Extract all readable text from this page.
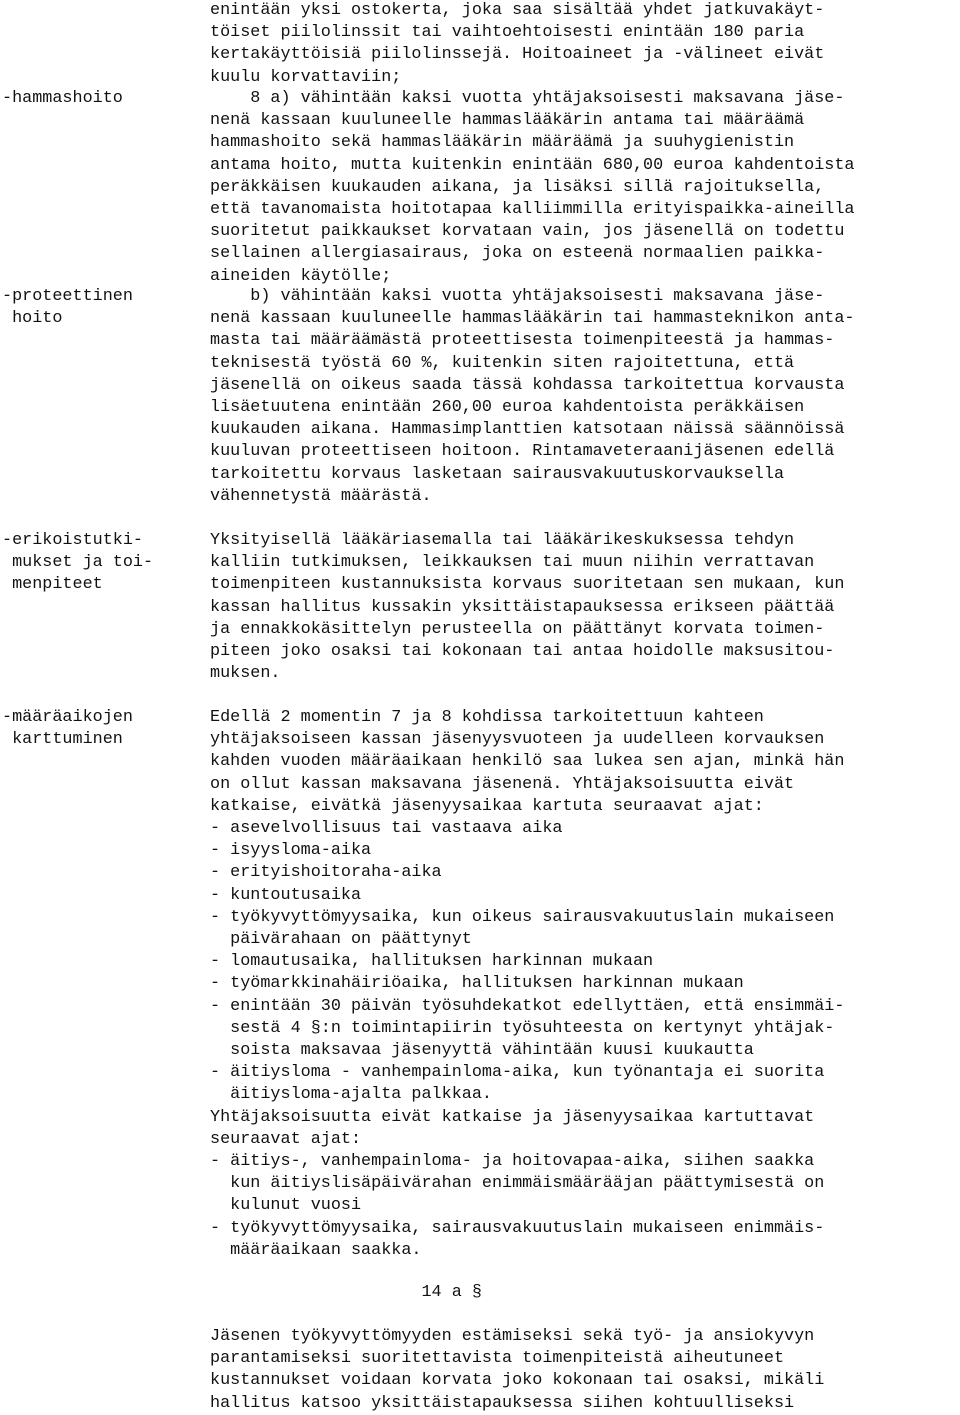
enintään yksi ostokerta, joka saa sisältää yhdet jatkuvakäyt-
töiset piilolinssit tai vaihtoehtoisesti enintään 180 paria
kertakäyttöisiä piilolinssejä. Hoitoaineet ja -välineet eivät
kuulu korvattaviin;
-hammashoito	8 a) vähintään kaksi vuotta yhtäjaksoisesti maksavana jäse-
nenä kassaan kuuluneelle hammaslääkärin antama tai määräämä
hammashoito sekä hammaslääkärin määräämä ja suuhygienistin
antama hoito, mutta kuitenkin enintään 680,00 euroa kahdentoista
peräkkäisen kuukauden aikana, ja lisäksi sillä rajoituksella,
että tavanomaista hoitotapaa kalliimmilla erityispaikka-aineilla
suoritetut paikkaukset korvataan vain, jos jäsenellä on todettu
sellainen allergiasairaus, joka on esteenä normaalien paikka-
aineiden käytölle;
-proteettinen
hoito
b) vähintään kaksi vuotta yhtäjaksoisesti maksavana jäse-
nenä kassaan kuuluneelle hammaslääkärin tai hammasteknikon anta-
masta tai määräämästä proteettisesta toimenpiteestä ja hammas-
teknisestä työstä 60 %, kuitenkin siten rajoitettuna, että
jäsenellä on oikeus saada tässä kohdassa tarkoitettua korvausta
lisäetuutena enintään 260,00 euroa kahdentoista peräkkäisen
kuukauden aikana. Hammasimplanttien katsotaan näissä säännöissä
kuuluvan proteettiseen hoitoon. Rintamaveteraanijäsenen edellä
tarkoitettu korvaus lasketaan sairausvakuutuskorvauksella
vähennetystä määrästä.
-erikoistutki-
mukset ja toi-
menpiteet
Yksityisellä lääkäriasemalla tai lääkärikeskuksessa tehdyn
kalliin tutkimuksen, leikkauksen tai muun niihin verrattavan
toimenpiteen kustannuksista korvaus suoritetaan sen mukaan, kun
kassan hallitus kussakin yksittäistapauksessa erikseen päättää
ja ennakkokäsittelyn perusteella on päättänyt korvata toimen-
piteen joko osaksi tai kokonaan tai antaa hoidolle maksusitou-
muksen.
-määräaikojen
karttuminen
Edellä 2 momentin 7 ja 8 kohdissa tarkoitettuun kahteen
yhtäjaksoiseen kassan jäsenyysvuoteen ja uudelleen korvauksen
kahden vuoden määräaikaan henkilö saa lukea sen ajan, minkä hän
on ollut kassan maksavana jäsenenä. Yhtäjaksoisuutta eivät
katkaise, eivätkä jäsenyysaikaa kartuta seuraavat ajat:
- asevelvollisuus tai vastaava aika
- isyysloma-aika
- erityishoitoraha-aika
- kuntoutusaika
- työkyvyttömyysaika, kun oikeus sairausvakuutuslain mukaiseen
päivärahaan on päättynyt
- lomautusaika, hallituksen harkinnan mukaan
- työmarkkinahäiriöaika, hallituksen harkinnan mukaan
- enintään 30 päivän työsuhdekatkot edellyttäen, että ensimmäi-
sestä 4 §:n toimintapiirin työsuhteesta on kertynyt yhtäjak-
soista maksavaa jäsenyyttä vähintään kuusi kuukautta
- äitiysloma - vanhempainloma-aika, kun työnantaja ei suorita
äitiysloma-ajalta palkkaa.
Yhtäjaksoisuutta eivät katkaise ja jäsenyysaikaa kartuttavat
seuraavat ajat:
- äitiys-, vanhempainloma- ja hoitovapaa-aika, siihen saakka
kun äitiyslisäpäivärahan enimmäismäärääjan päättymisestä on
kulunut vuosi
- työkyvyttömyysaika, sairausvakuutuslain mukaiseen enimmäis-
määräaikaan saakka.
14 a §
Jäsenen työkyvyttömyyden estämiseksi sekä työ- ja ansiokyvyn
parantamiseksi suoritettavista toimenpiteistä aiheutuneet
kustannukset voidaan korvata joko kokonaan tai osaksi, mikäli
hallitus katsoo yksittäistapauksessa siihen kohtuulliseksi
